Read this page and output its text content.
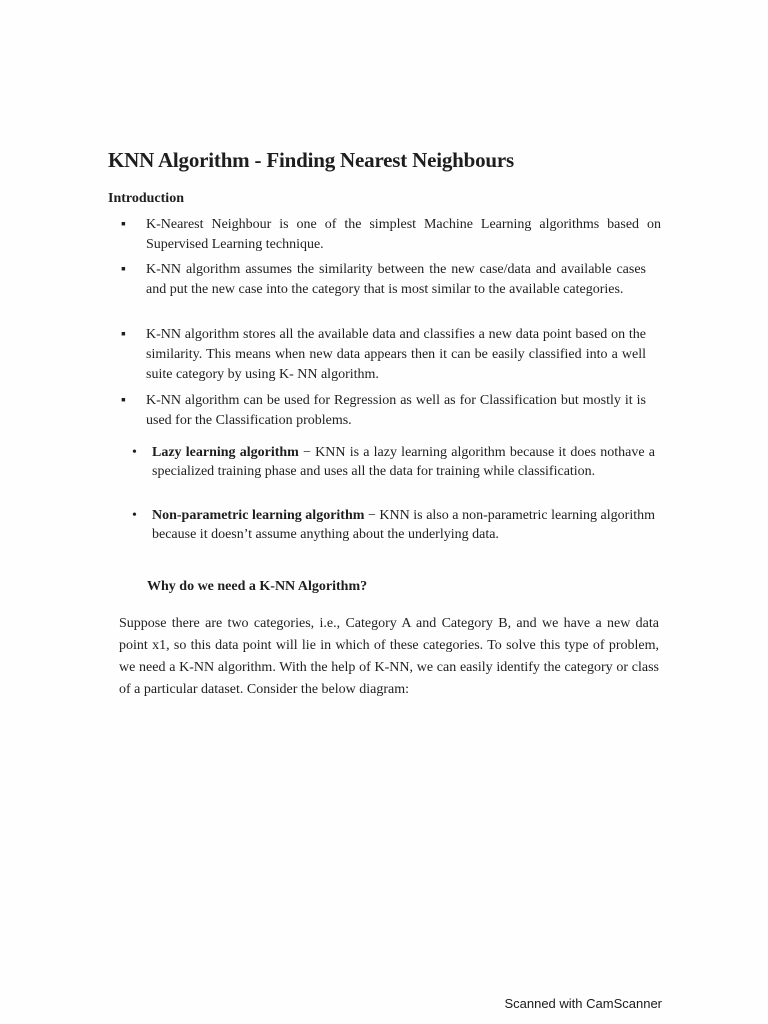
KNN Algorithm - Finding Nearest Neighbours
Introduction
▪ K-Nearest Neighbour is one of the simplest Machine Learning algorithms based on Supervised Learning technique.
▪ K-NN algorithm assumes the similarity between the new case/data and available cases and put the new case into the category that is most similar to the available categories.
▪ K-NN algorithm stores all the available data and classifies a new data point based on the similarity. This means when new data appears then it can be easily classified into a well suite category by using K- NN algorithm.
▪ K-NN algorithm can be used for Regression as well as for Classification but mostly it is used for the Classification problems.
• Lazy learning algorithm − KNN is a lazy learning algorithm because it does nothave a specialized training phase and uses all the data for training while classification.
• Non-parametric learning algorithm − KNN is also a non-parametric learning algorithm because it doesn’t assume anything about the underlying data.
Why do we need a K-NN Algorithm?

Suppose there are two categories, i.e., Category A and Category B, and we have a new data point x1, so this data point will lie in which of these categories. To solve this type of problem, we need a K-NN algorithm. With the help of K-NN, we can easily identify the category or class of a particular dataset. Consider the below diagram:

Scanned with CamScanner
